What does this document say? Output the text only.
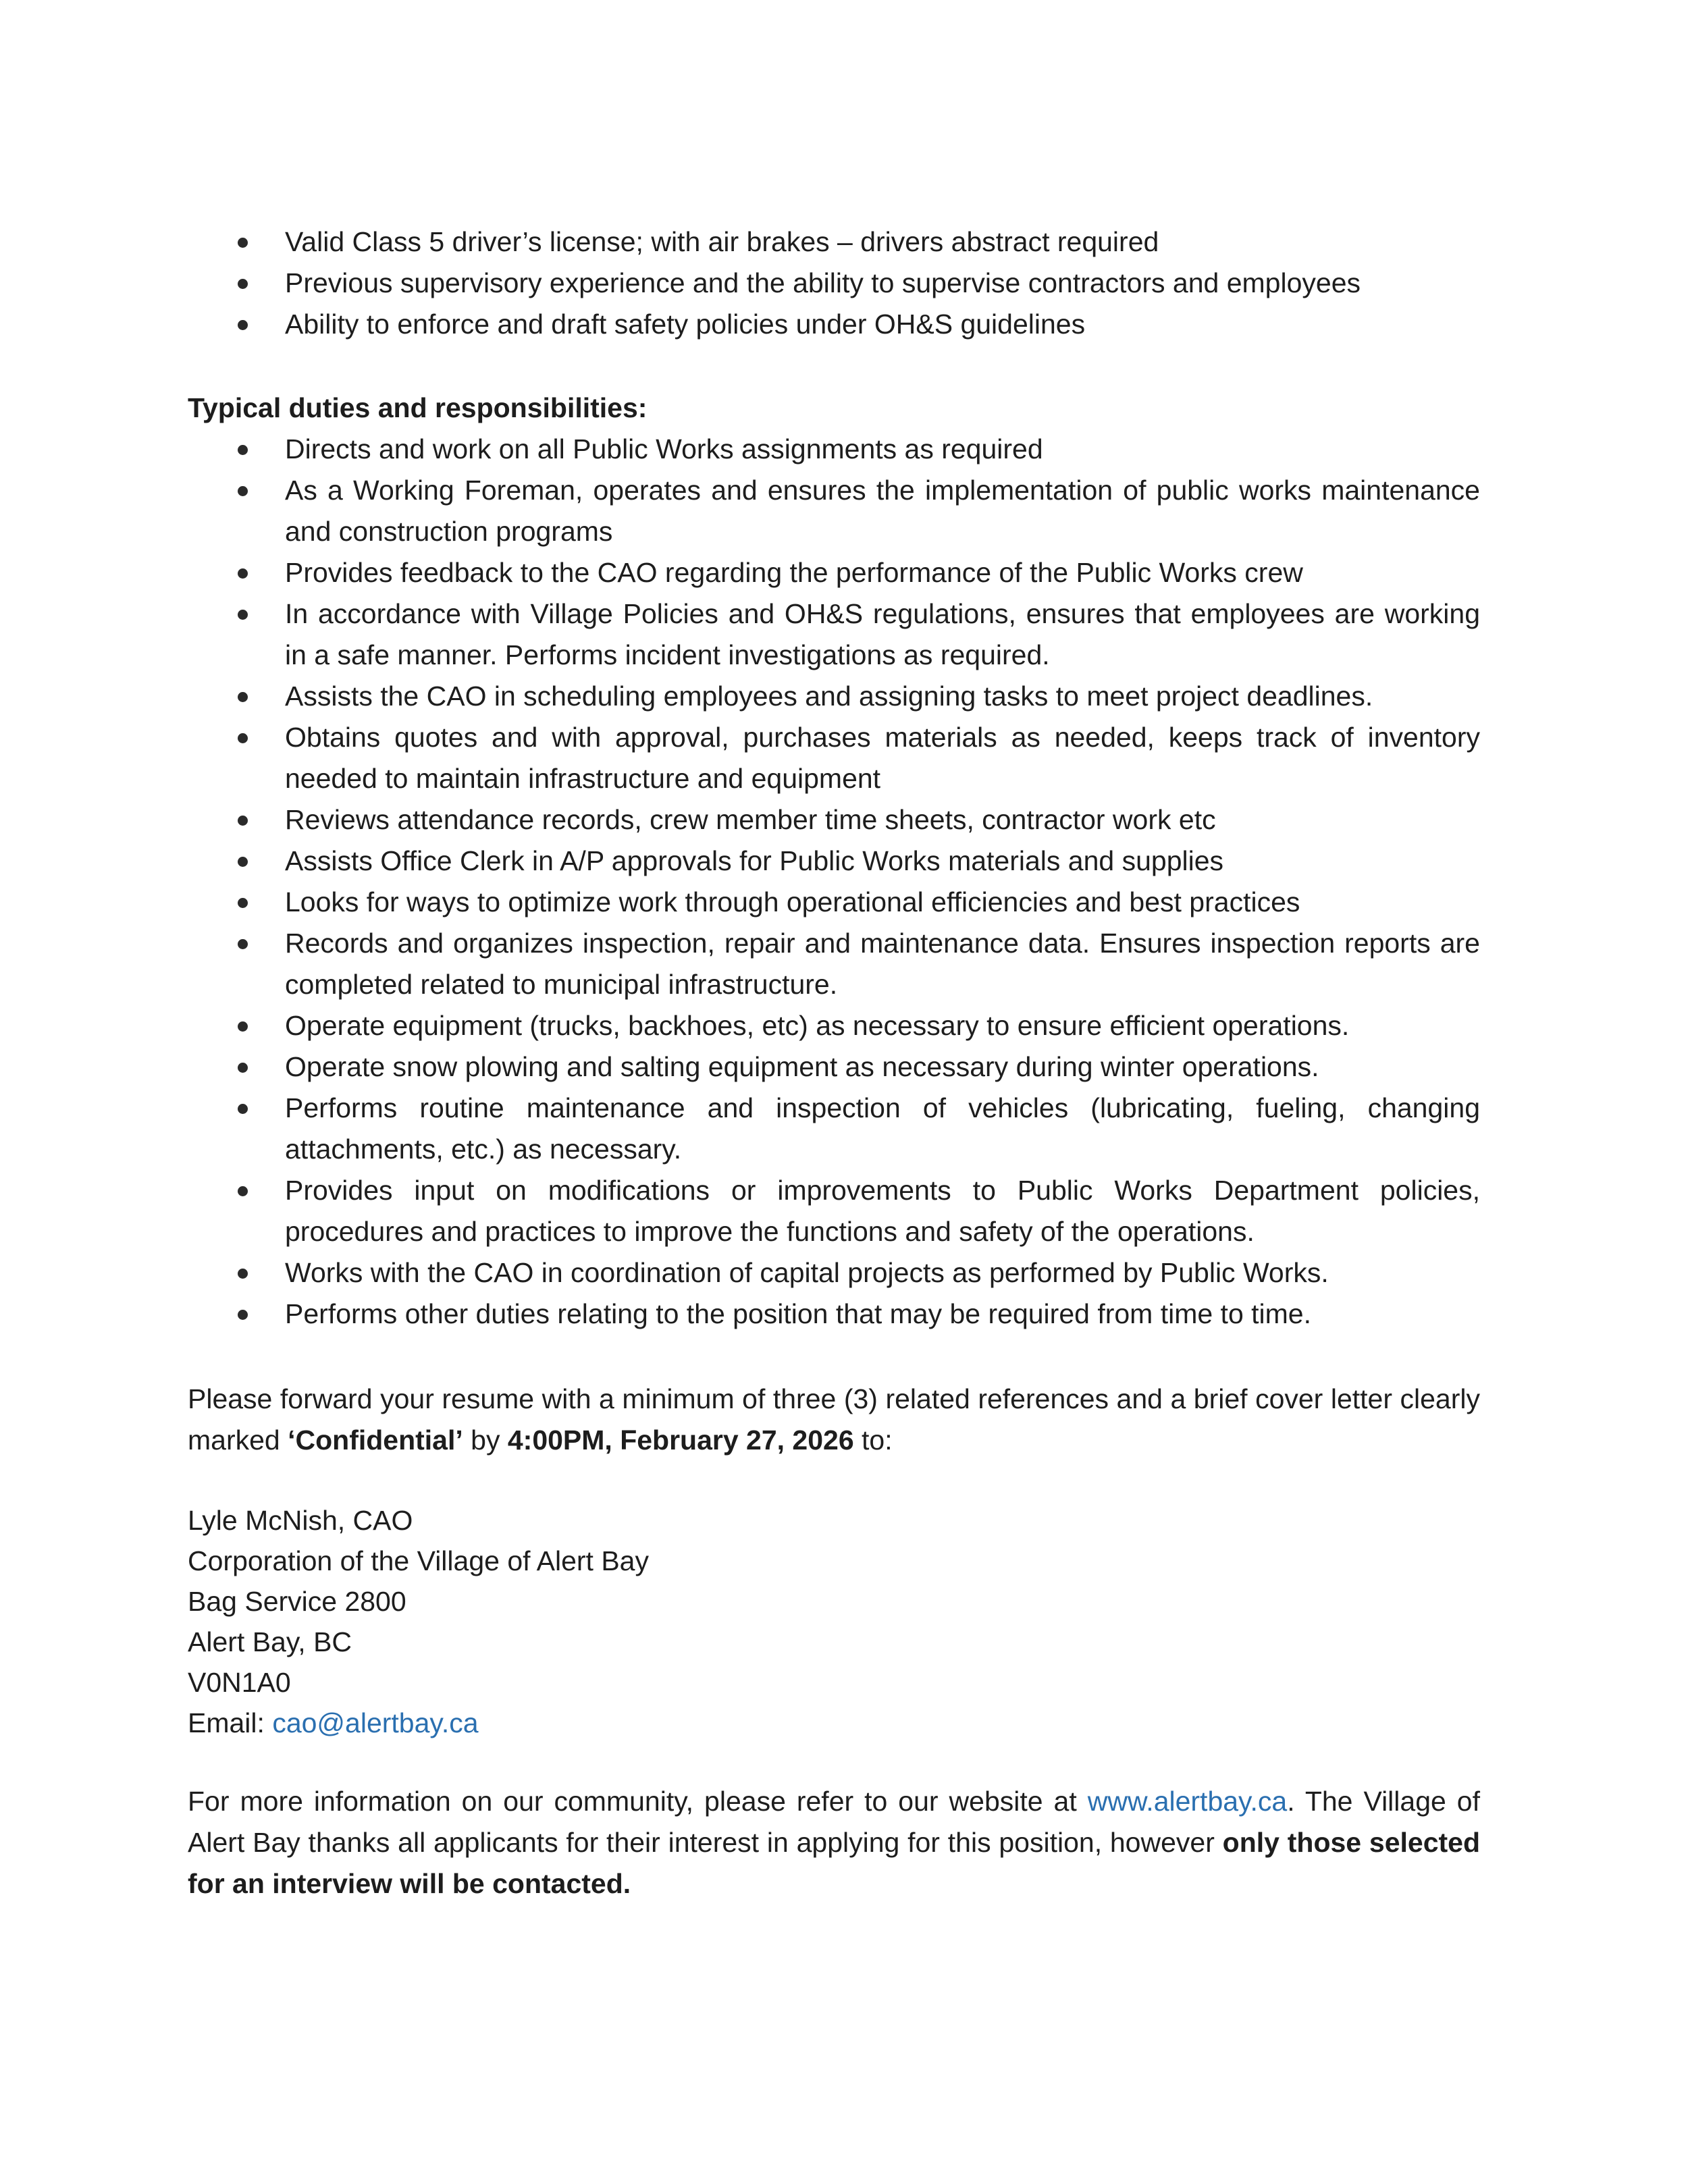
Valid Class 5 driver’s license; with air brakes – drivers abstract required
Previous supervisory experience and the ability to supervise contractors and employees
Ability to enforce and draft safety policies under OH&S guidelines
Typical duties and responsibilities:
Directs and work on all Public Works assignments as required
As a Working Foreman, operates and ensures the implementation of public works maintenance and construction programs
Provides feedback to the CAO regarding the performance of the Public Works crew
In accordance with Village Policies and OH&S regulations, ensures that employees are working in a safe manner. Performs incident investigations as required.
Assists the CAO in scheduling employees and assigning tasks to meet project deadlines.
Obtains quotes and with approval, purchases materials as needed, keeps track of inventory needed to maintain infrastructure and equipment
Reviews attendance records, crew member time sheets, contractor work etc
Assists Office Clerk in A/P approvals for Public Works materials and supplies
Looks for ways to optimize work through operational efficiencies and best practices
Records and organizes inspection, repair and maintenance data. Ensures inspection reports are completed related to municipal infrastructure.
Operate equipment (trucks, backhoes, etc) as necessary to ensure efficient operations.
Operate snow plowing and salting equipment as necessary during winter operations.
Performs routine maintenance and inspection of vehicles (lubricating, fueling, changing attachments, etc.) as necessary.
Provides input on modifications or improvements to Public Works Department policies, procedures and practices to improve the functions and safety of the operations.
Works with the CAO in coordination of capital projects as performed by Public Works.
Performs other duties relating to the position that may be required from time to time.

Please forward your resume with a minimum of three (3) related references and a brief cover letter clearly marked ‘Confidential’ by 4:00PM, February 27, 2026 to:

Lyle McNish, CAO
Corporation of the Village of Alert Bay
Bag Service 2800
Alert Bay, BC
V0N1A0
Email: cao@alertbay.ca

For more information on our community, please refer to our website at www.alertbay.ca. The Village of Alert Bay thanks all applicants for their interest in applying for this position, however only those selected for an interview will be contacted.
